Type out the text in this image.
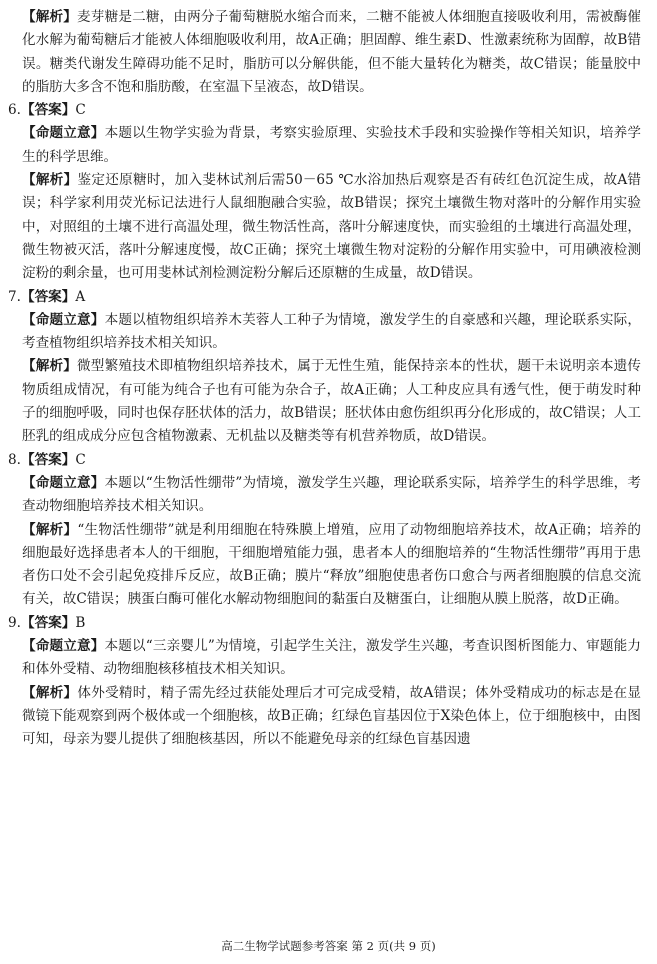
【解析】麦芽糖是二糖，由两分子葡萄糖脱水缩合而来，二糖不能被人体细胞直接吸收利用，需被酶催化水解为葡萄糖后才能被人体细胞吸收利用，故A正确；胆固醇、维生素D、性激素统称为固醇，故B错误。糖类代谢发生障碍功能不足时，脂肪可以分解供能，但不能大量转化为糖类，故C错误；能量胶中的脂肪大多含不饱和脂肪酸，在室温下呈液态，故D错误。

6.【答案】C

【命题立意】本题以生物学实验为背景，考察实验原理、实验技术手段和实验操作等相关知识，培养学生的科学思维。

【解析】鉴定还原糖时，加入斐林试剂后需50－65 ℃水浴加热后观察是否有砖红色沉淀生成，故A错误；科学家利用荧光标记法进行人鼠细胞融合实验，故B错误；探究土壤微生物对落叶的分解作用实验中，对照组的土壤不进行高温处理，微生物活性高，落叶分解速度快，而实验组的土壤进行高温处理，微生物被灭活，落叶分解速度慢，故C正确；探究土壤微生物对淀粉的分解作用实验中，可用碘液检测淀粉的剩余量，也可用斐林试剂检测淀粉分解后还原糖的生成量，故D错误。

7.【答案】A

【命题立意】本题以植物组织培养木芙蓉人工种子为情境，激发学生的自豪感和兴趣，理论联系实际，考查植物组织培养技术相关知识。

【解析】微型繁殖技术即植物组织培养技术，属于无性生殖，能保持亲本的性状，题干未说明亲本遗传物质组成情况，有可能为纯合子也有可能为杂合子，故A正确；人工种皮应具有透气性，便于萌发时种子的细胞呼吸，同时也保存胚状体的活力，故B错误；胚状体由愈伤组织再分化形成的，故C错误；人工胚乳的组成成分应包含植物激素、无机盐以及糖类等有机营养物质，故D错误。

8.【答案】C

【命题立意】本题以“生物活性绷带”为情境，激发学生兴趣，理论联系实际，培养学生的科学思维，考查动物细胞培养技术相关知识。

【解析】“生物活性绷带”就是利用细胞在特殊膜上增殖，应用了动物细胞培养技术，故A正确；培养的细胞最好选择患者本人的干细胞，干细胞增殖能力强，患者本人的细胞培养的“生物活性绷带”再用于患者伤口处不会引起免疫排斥反应，故B正确；膜片“释放”细胞使患者伤口愈合与两者细胞膜的信息交流有关，故C错误；胰蛋白酶可催化水解动物细胞间的黏蛋白及糖蛋白，让细胞从膜上脱落，故D正确。

9.【答案】B

【命题立意】本题以“三亲婴儿”为情境，引起学生关注，激发学生兴趣，考查识图析图能力、审题能力和体外受精、动物细胞核移植技术相关知识。

【解析】体外受精时，精子需先经过获能处理后才可完成受精，故A错误；体外受精成功的标志是在显微镜下能观察到两个极体或一个细胞核，故B正确；红绿色盲基因位于X染色体上，位于细胞核中，由图可知，母亲为婴儿提供了细胞核基因，所以不能避免母亲的红绿色盲基因遗

高二生物学试题参考答案 第 2 页(共 9 页)
